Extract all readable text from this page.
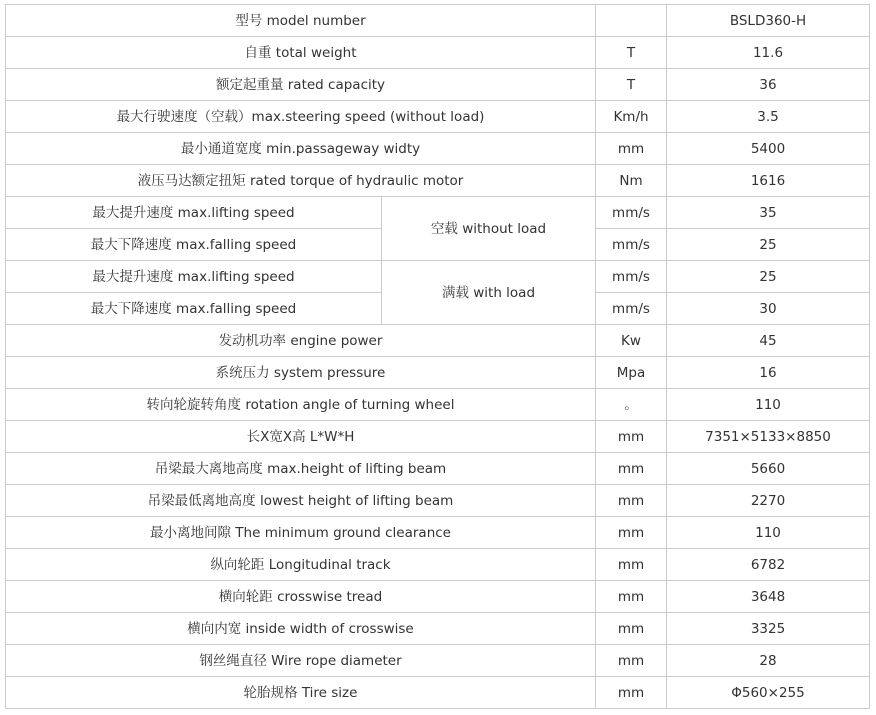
型号 model number			BSLD360-H
自重 total weight		T	11.6
额定起重量 rated capacity		T	36
最大行驶速度（空载）max.steering speed (without load)		Km/h	3.5
最小通道宽度 min.passageway widty		mm	5400
液压马达额定扭矩 rated torque of hydraulic motor		Nm	1616
最大提升速度 max.lifting speed	空载 without load	mm/s	35
最大下降速度 max.falling speed		mm/s	25
最大提升速度 max.lifting speed	满载 with load	mm/s	25
最大下降速度 max.falling speed		mm/s	30
发动机功率 engine power		Kw	45
系统压力 system pressure		Mpa	16
转向轮旋转角度 rotation angle of turning wheel		。	110
长X宽X高 L*W*H		mm	7351×5133×8850
吊梁最大离地高度 max.height of lifting beam		mm	5660
吊梁最低离地高度 lowest height of lifting beam		mm	2270
最小离地间隙 The minimum ground clearance		mm	110
纵向轮距 Longitudinal track		mm	6782
横向轮距 crosswise tread		mm	3648
横向内宽 inside width of crosswise		mm	3325
钢丝绳直径 Wire rope diameter		mm	28
轮胎规格 Tire size		mm	Φ560×255
